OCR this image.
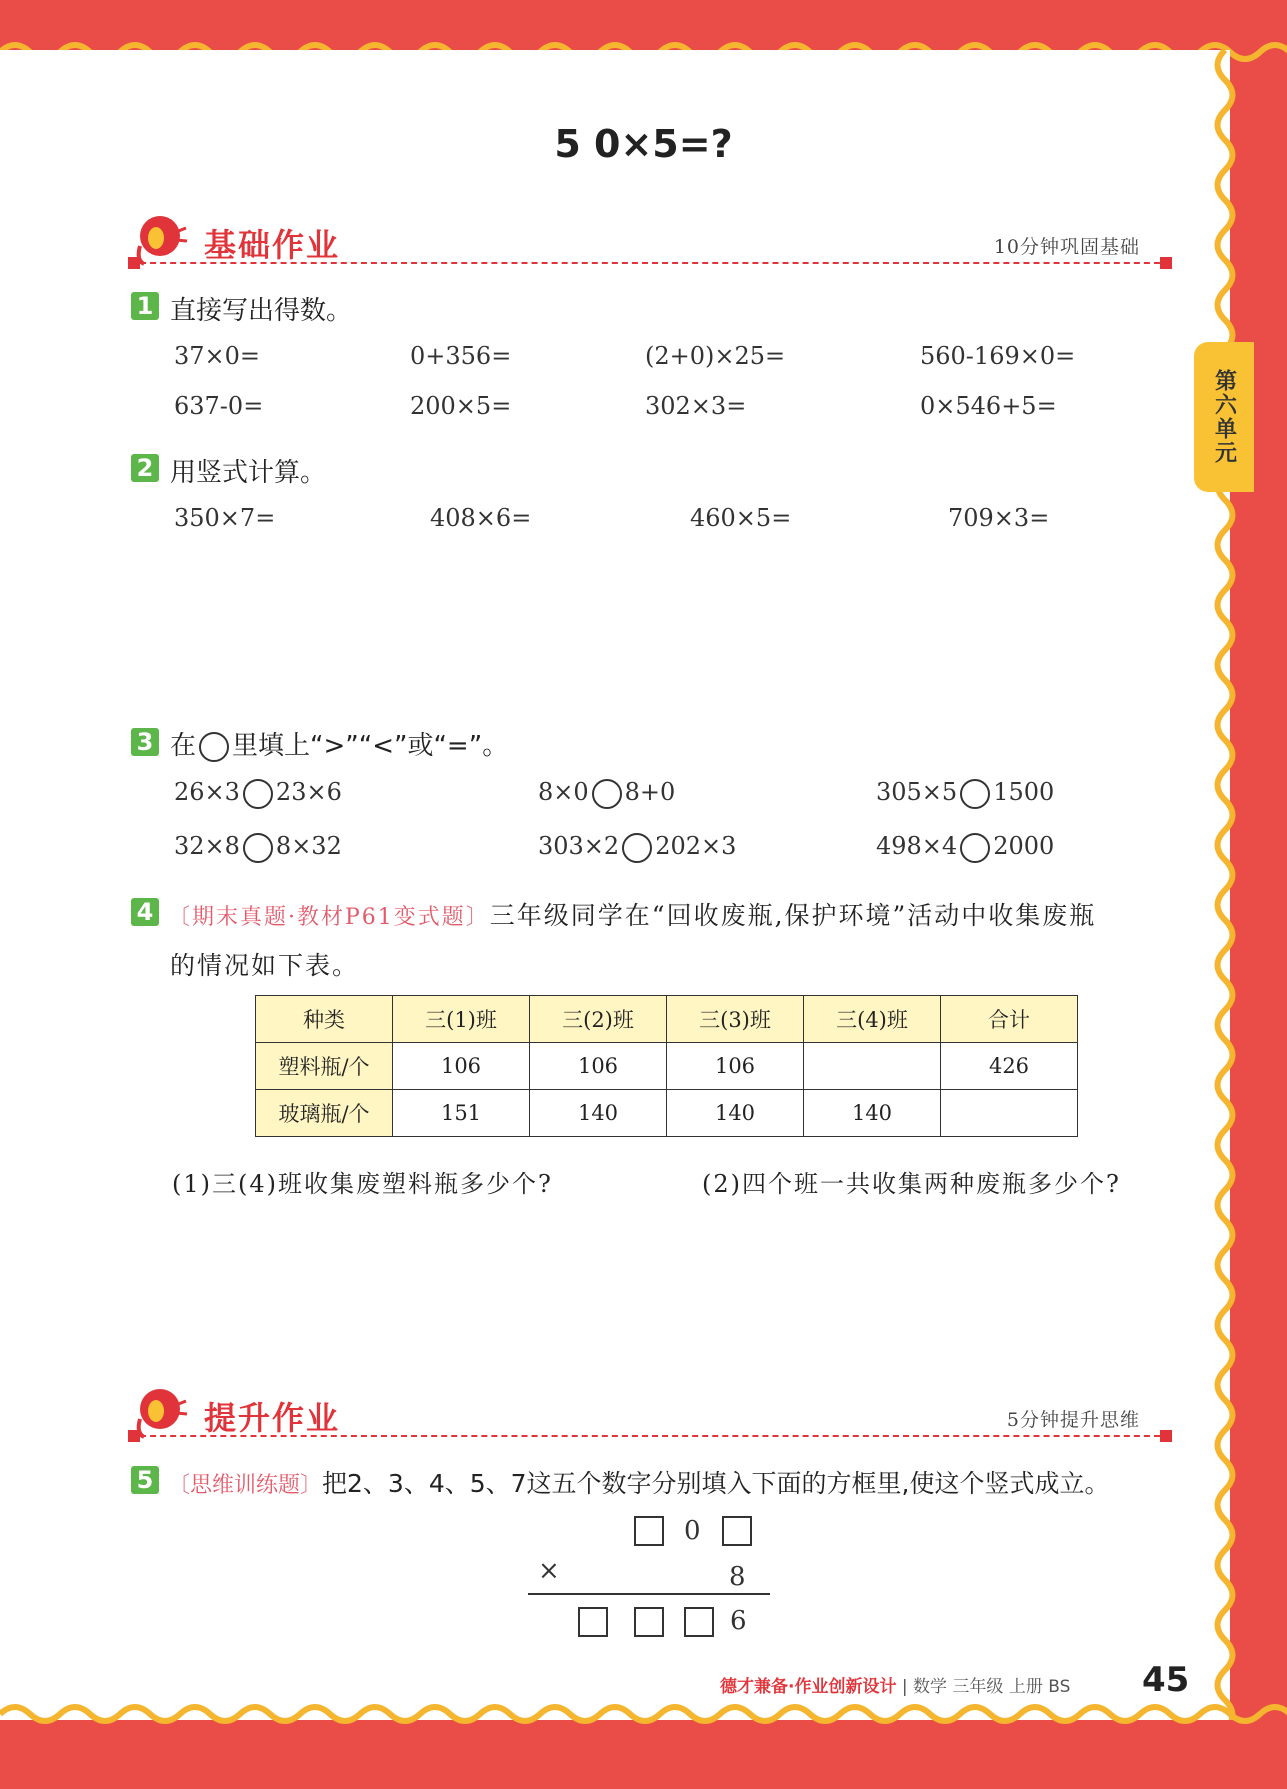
第六单元
5 0×5=?
基础作业	10分钟巩固基础
1 直接写出得数。
37×0=	0+356=	(2+0)×25=	560-169×0=
637-0=	200×5=	302×3=	0×546+5=
2 用竖式计算。
350×7=	408×6=	460×5=	709×3=
3 在 里填上“>”“<”或“=”。
26×3 23×6	8×0 8+0	305×5 1500
32×8 8×32	303×2 202×3	498×4 2000
4 〔期末真题·教材P61变式题〕三年级同学在“回收废瓶,保护环境”活动中收集废瓶
的情况如下表。
种类	三(1)班	三(2)班	三(3)班	三(4)班	合计
塑料瓶/个	106	106	106		426
玻璃瓶/个	151	140	140	140	
(1)三(4)班收集废塑料瓶多少个?	(2)四个班一共收集两种废瓶多少个?
提升作业	5分钟提升思维
5 〔思维训练题〕把2、3、4、5、7这五个数字分别填入下面的方框里,使这个竖式成立。
0
×	8
6
德才兼备·作业创新设计 | 数学 三年级 上册 BS 45
